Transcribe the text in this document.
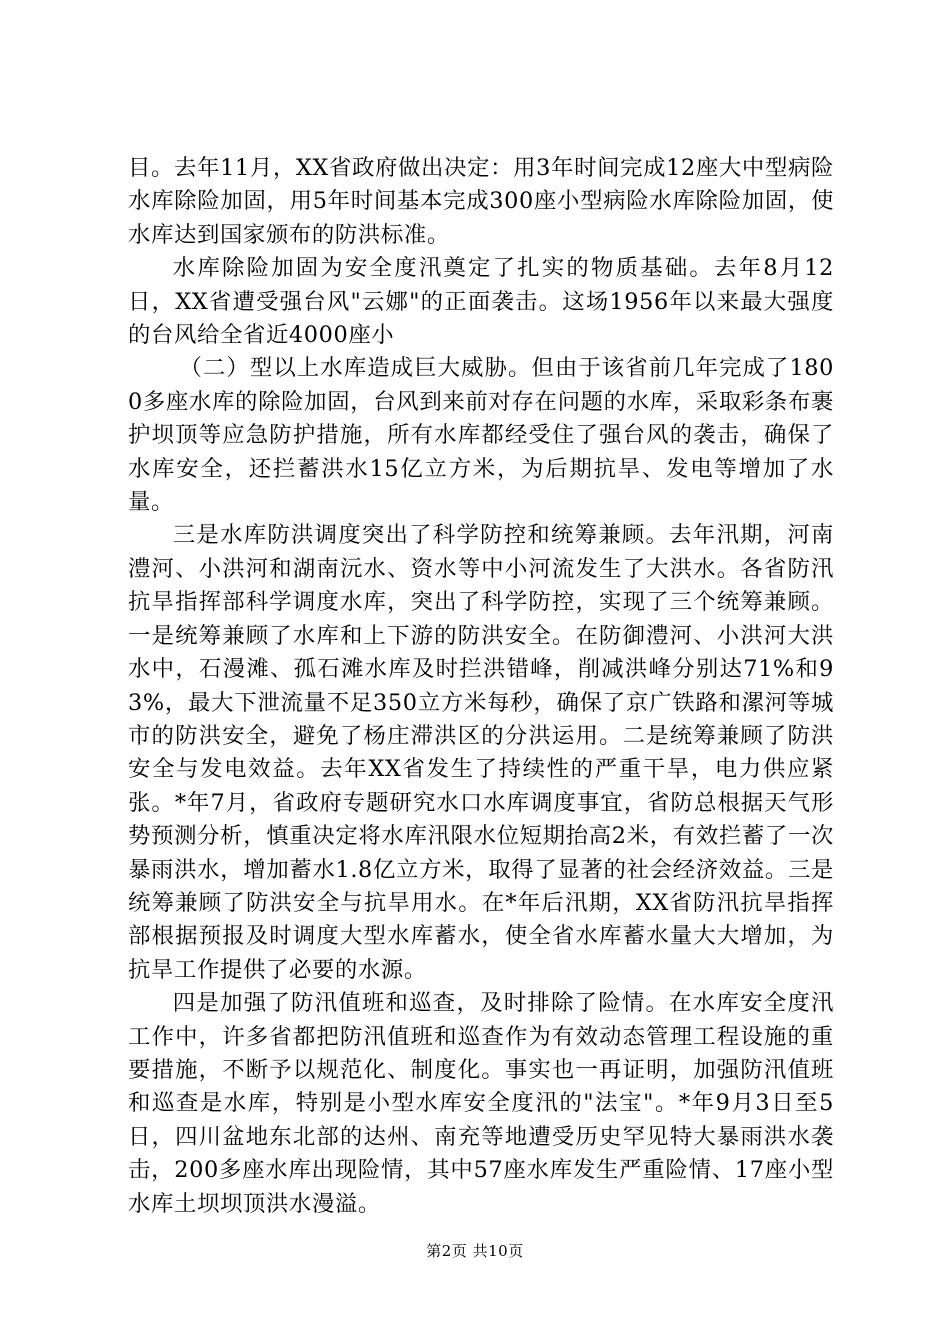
目。去年11月，XX省政府做出决定：用3年时间完成12座大中型病险水库除险加固，用5年时间基本完成300座小型病险水库除险加固，使水库达到国家颁布的防洪标准。

水库除险加固为安全度汛奠定了扎实的物质基础。去年8月12日，XX省遭受强台风"云娜"的正面袭击。这场1956年以来最大强度的台风给全省近4000座小

（二）型以上水库造成巨大威胁。但由于该省前几年完成了1800多座水库的除险加固，台风到来前对存在问题的水库，采取彩条布裹护坝顶等应急防护措施，所有水库都经受住了强台风的袭击，确保了水库安全，还拦蓄洪水15亿立方米，为后期抗旱、发电等增加了水量。

三是水库防洪调度突出了科学防控和统筹兼顾。去年汛期，河南澧河、小洪河和湖南沅水、资水等中小河流发生了大洪水。各省防汛抗旱指挥部科学调度水库，突出了科学防控，实现了三个统筹兼顾。一是统筹兼顾了水库和上下游的防洪安全。在防御澧河、小洪河大洪水中，石漫滩、孤石滩水库及时拦洪错峰，削减洪峰分别达71%和93%，最大下泄流量不足350立方米每秒，确保了京广铁路和漯河等城市的防洪安全，避免了杨庄滞洪区的分洪运用。二是统筹兼顾了防洪安全与发电效益。去年XX省发生了持续性的严重干旱，电力供应紧张。*年7月，省政府专题研究水口水库调度事宜，省防总根据天气形势预测分析，慎重决定将水库汛限水位短期抬高2米，有效拦蓄了一次暴雨洪水，增加蓄水1.8亿立方米，取得了显著的社会经济效益。三是统筹兼顾了防洪安全与抗旱用水。在*年后汛期，XX省防汛抗旱指挥部根据预报及时调度大型水库蓄水，使全省水库蓄水量大大增加，为抗旱工作提供了必要的水源。

四是加强了防汛值班和巡查，及时排除了险情。在水库安全度汛工作中，许多省都把防汛值班和巡查作为有效动态管理工程设施的重要措施，不断予以规范化、制度化。事实也一再证明，加强防汛值班和巡查是水库，特别是小型水库安全度汛的"法宝"。*年9月3日至5日，四川盆地东北部的达州、南充等地遭受历史罕见特大暴雨洪水袭击，200多座水库出现险情，其中57座水库发生严重险情、17座小型水库土坝坝顶洪水漫溢。

第2页 共10页
